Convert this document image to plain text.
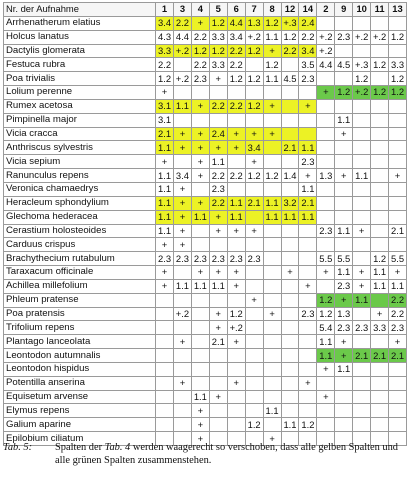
Nr. der Aufnahme	1	3	4	5	6	7	8	12	14	2	9	10	11	13
Arrhenatherum elatius	3.4	2.2	+	1.2	4.4	1.3	1.2	+.3	2.4					
Holcus lanatus	4.3	4.4	2.2	3.3	3.4	+.2	1.1	1.2	2.2	+.2	2.3	+.2	+.2	1.2
Dactylis glomerata	3.3	+.2	1.2	1.2	2.2	1.2	+	2.2	3.4	+.2				
Festuca rubra	2.2		2.2	3.3	2.2		1.2		3.5	4.4	4.5	+.3	1.2	3.3
Poa trivialis	1.2	+.2	2.3	+	1.2	1.2	1.1	4.5	2.3			1.2		1.2
Lolium perenne	+									+	1.2	+.2	1.2	1.2
Rumex acetosa	3.1	1.1	+	2.2	2.2	1.2	+		+					
Pimpinella major	3.1										1.1			
Vicia cracca	2.1	+	+	2.4	+	+	+				+			
Anthriscus sylvestris	1.1	+	+	+	+	3.4		2.1	1.1					
Vicia sepium	+		+	1.1		+			2.3					
Ranunculus repens	1.1	3.4	+	2.2	2.2	1.2	1.2	1.4	+	1.3	+	1.1		+
Veronica chamaedrys	1.1	+		2.3					1.1					
Heracleum sphondylium	1.1	+	+	2.2	1.1	2.1	1.1	3.2	2.1					
Glechoma hederacea	1.1	+	1.1	+	1.1		1.1	1.1	1.1					
Cerastium holosteoides	1.1	+		+	+	+				2.3	1.1	+		2.1
Carduus crispus	+	+												
Brachythecium rutabulum	2.3	2.3	2.3	2.3	2.3	2.3				5.5	5.5		1.2	5.5
Taraxacum officinale	+		+	+	+			+		+	1.1	+	1.1	+
Achillea millefolium	+	1.1	1.1	1.1	+				+		2.3	+	1.1	1.1
Phleum pratense						+				1.2	+	1.1		2.2
Poa pratensis		+.2		+	1.2		+		2.3	1.2	1.3		+	2.2
Trifolium repens				+	+.2					5.4	2.3	2.3	3.3	2.3
Plantago lanceolata		+		2.1	+					1.1	+			+
Leontodon autumnalis										1.1	+	2.1	2.1	2.1
Leontodon hispidus										+	1.1			
Potentilla anserina		+			+				+					
Equisetum arvense			1.1	+						+				
Elymus repens			+				1.1							
Galium aparine			+			1.2		1.1	1.2					
Epilobium ciliatum			+				+							
Tab. 5: Spalten der Tab. 4 werden waagerecht so verschoben, dass alle gelben Spalten und alle grünen Spalten zusammenstehen.
